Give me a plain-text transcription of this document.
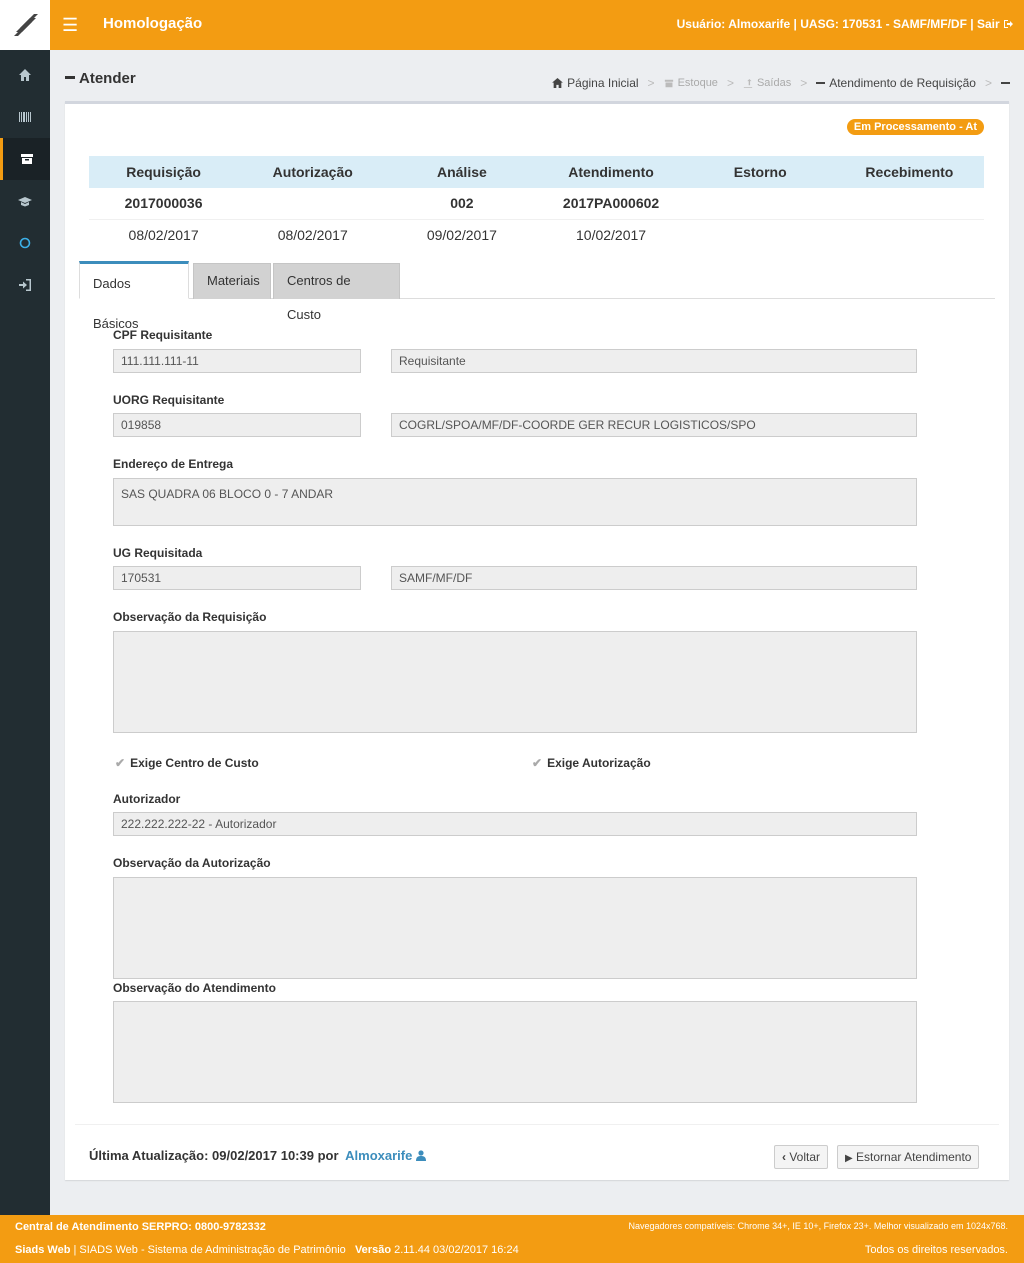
☰ Homologação	Usuário: Almoxarife | UASG: 170531 - SAMF/MF/DF | Sair
Atender	Página Inicial > Estoque > Saídas > Atendimento de Requisição >
Em Processamento - At
Requisição	Autorização	Análise	Atendimento	Estorno	Recebimento
2017000036		002	2017PA000602		
08/02/2017	08/02/2017	09/02/2017	10/02/2017		
Dados Básicos
Materiais	Centros de Custo
CPF Requisitante
111.111.111-11	Requisitante
UORG Requisitante
019858	COGRL/SPOA/MF/DF-COORDE GER RECUR LOGISTICOS/SPO
Endereço de Entrega
SAS QUADRA 06 BLOCO 0 - 7 ANDAR
UG Requisitada
170531	SAMF/MF/DF
Observação da Requisição
✔ Exige Centro de Custo	✔ Exige Autorização
Autorizador
222.222.222-22 - Autorizador
Observação da Autorização
Observação do Atendimento
Última Atualização: 09/02/2017 10:39 por Almoxarife	‹ Voltar	▶ Estornar Atendimento
Central de Atendimento SERPRO: 0800-9782332	Navegadores compatíveis: Chrome 34+, IE 10+, Firefox 23+. Melhor visualizado em 1024x768.
Siads Web | SIADS Web - Sistema de Administração de Patrimônio Versão 2.11.44 03/02/2017 16:24	Todos os direitos reservados.
